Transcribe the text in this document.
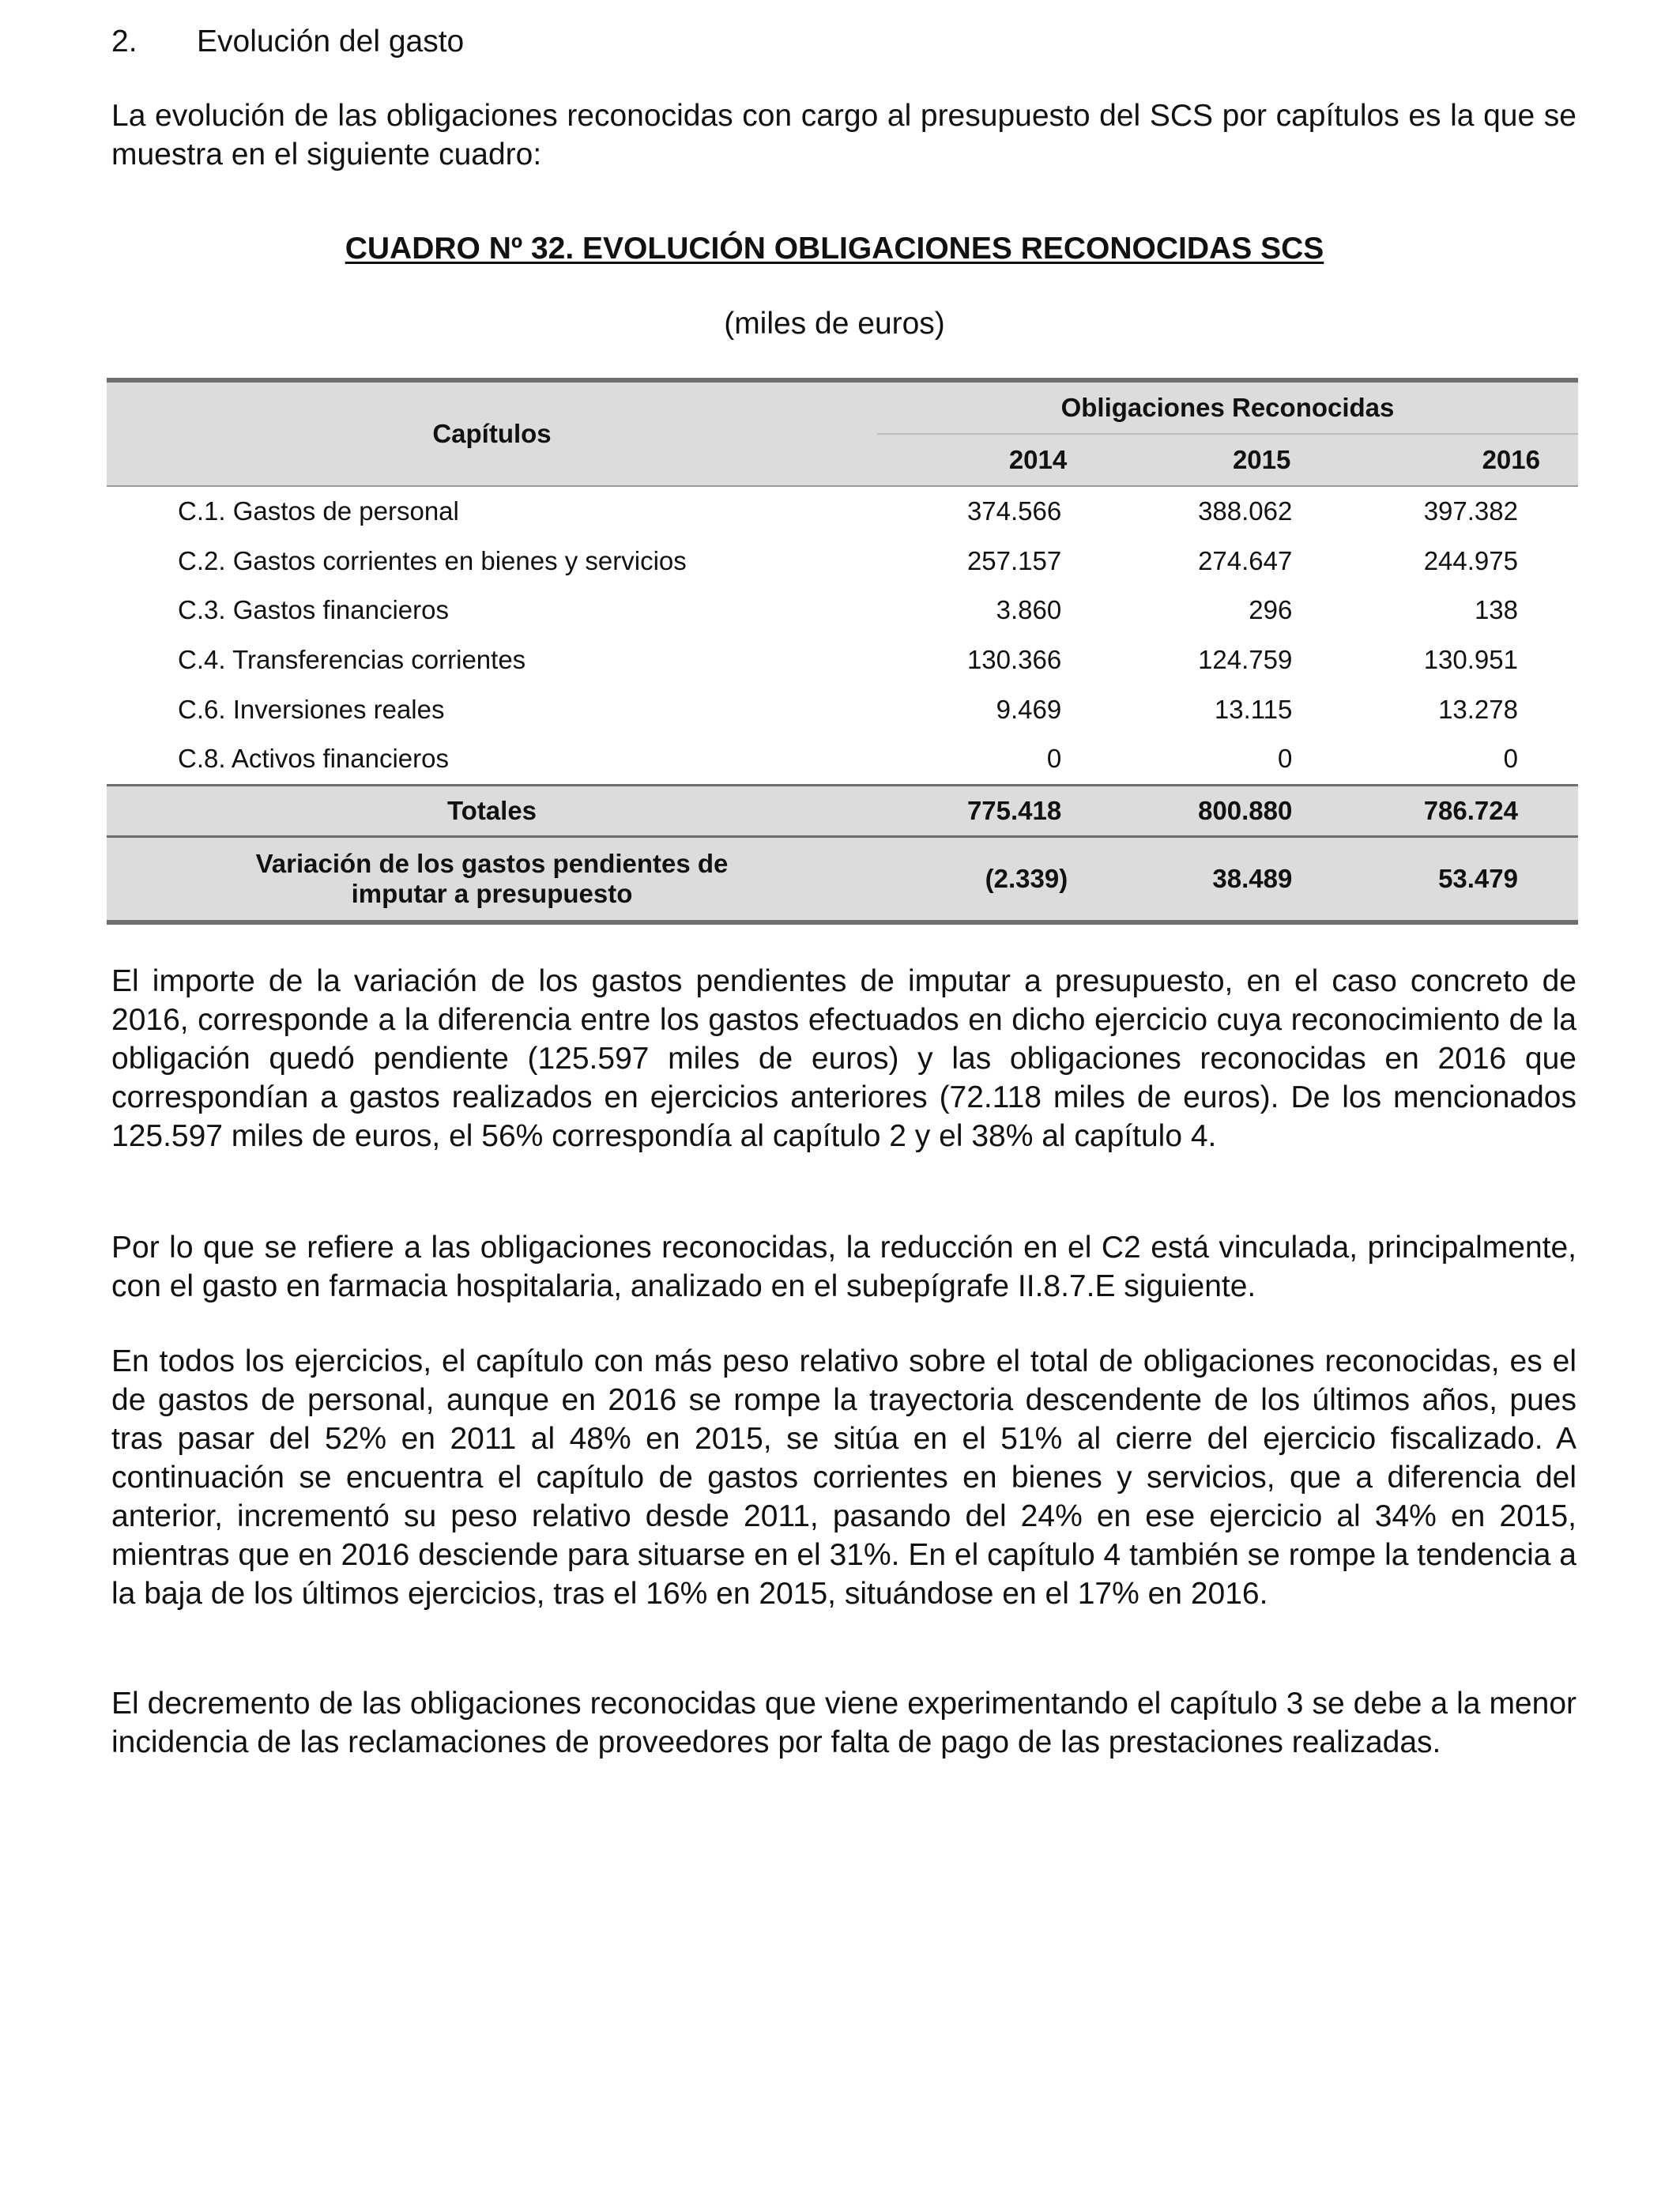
2. Evolución del gasto

La evolución de las obligaciones reconocidas con cargo al presupuesto del SCS por capítulos es la que se muestra en el siguiente cuadro:

CUADRO Nº 32. EVOLUCIÓN OBLIGACIONES RECONOCIDAS SCS
(miles de euros)
Capítulos	Obligaciones Reconocidas		
	2014	2015	2016
C.1. Gastos de personal	374.566	388.062	397.382
C.2. Gastos corrientes en bienes y servicios	257.157	274.647	244.975
C.3. Gastos financieros	3.860	296	138
C.4. Transferencias corrientes	130.366	124.759	130.951
C.6. Inversiones reales	9.469	13.115	13.278
C.8. Activos financieros	0	0	0
Totales	775.418	800.880	786.724
Variación de los gastos pendientes de
imputar a presupuesto	(2.339)	38.489	53.479

El importe de la variación de los gastos pendientes de imputar a presupuesto, en el caso concreto de 2016, corresponde a la diferencia entre los gastos efectuados en dicho ejercicio cuya reconocimiento de la obligación quedó pendiente (125.597 miles de euros) y las obligaciones reconocidas en 2016 que correspondían a gastos realizados en ejercicios anteriores (72.118 miles de euros). De los mencionados 125.597 miles de euros, el 56% correspondía al capítulo 2 y el 38% al capítulo 4.

Por lo que se refiere a las obligaciones reconocidas, la reducción en el C2 está vinculada, principalmente, con el gasto en farmacia hospitalaria, analizado en el subepígrafe II.8.7.E siguiente.

En todos los ejercicios, el capítulo con más peso relativo sobre el total de obligaciones reconocidas, es el de gastos de personal, aunque en 2016 se rompe la trayectoria descendente de los últimos años, pues tras pasar del 52% en 2011 al 48% en 2015, se sitúa en el 51% al cierre del ejercicio fiscalizado. A continuación se encuentra el capítulo de gastos corrientes en bienes y servicios, que a diferencia del anterior, incrementó su peso relativo desde 2011, pasando del 24% en ese ejercicio al 34% en 2015, mientras que en 2016 desciende para situarse en el 31%. En el capítulo 4 también se rompe la tendencia a la baja de los últimos ejercicios, tras el 16% en 2015, situándose en el 17% en 2016.

El decremento de las obligaciones reconocidas que viene experimentando el capítulo 3 se debe a la menor incidencia de las reclamaciones de proveedores por falta de pago de las prestaciones realizadas.
